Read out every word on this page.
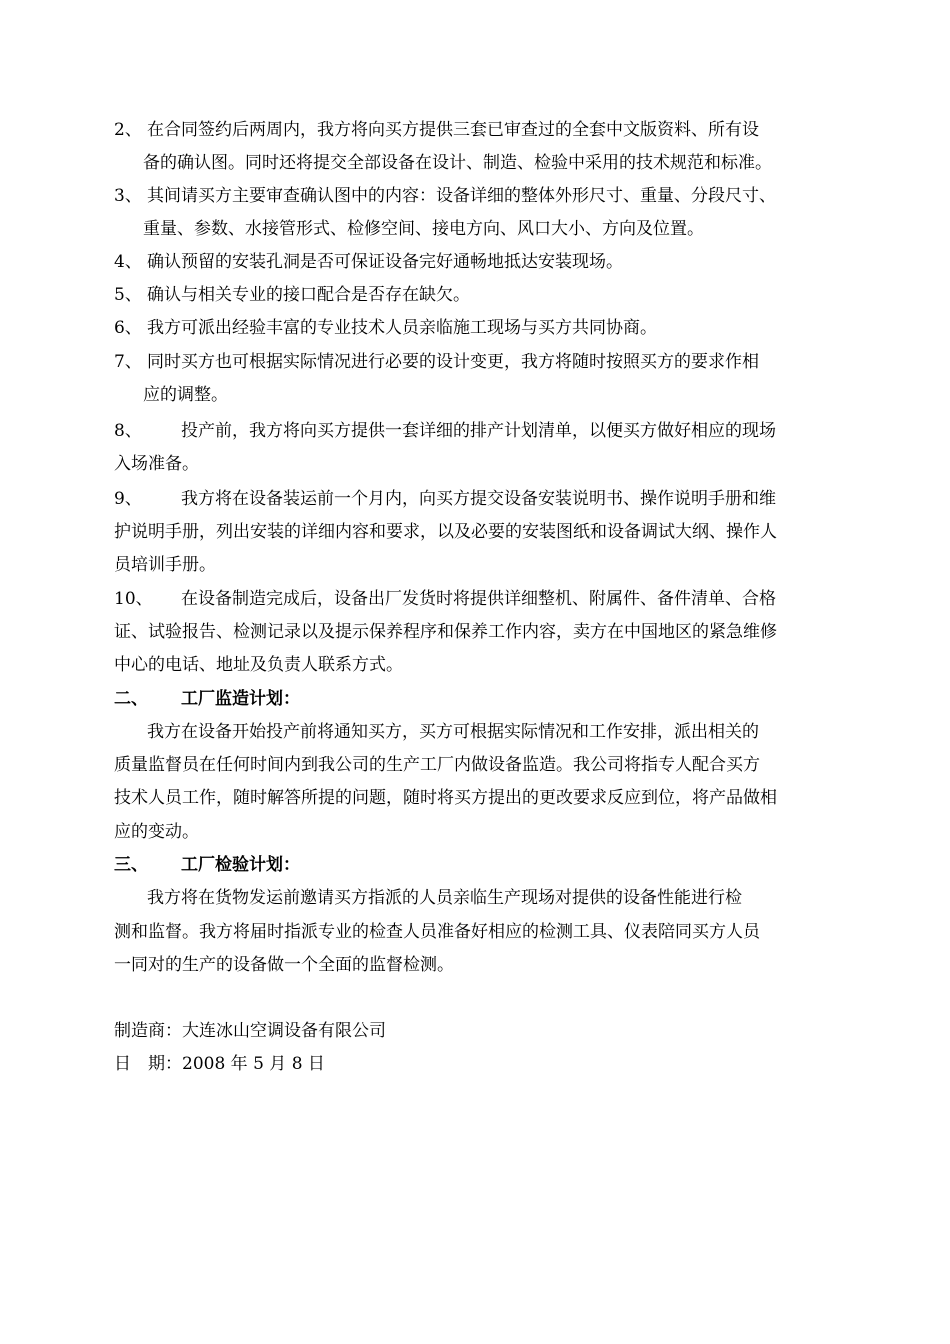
2、 在合同签约后两周内，我方将向买方提供三套已审查过的全套中文版资料、所有设
备的确认图。同时还将提交全部设备在设计、制造、检验中采用的技术规范和标准。
3、 其间请买方主要审查确认图中的内容：设备详细的整体外形尺寸、重量、分段尺寸、
重量、参数、水接管形式、检修空间、接电方向、风口大小、方向及位置。
4、 确认预留的安装孔洞是否可保证设备完好通畅地抵达安装现场。
5、 确认与相关专业的接口配合是否存在缺欠。
6、 我方可派出经验丰富的专业技术人员亲临施工现场与买方共同协商。
7、 同时买方也可根据实际情况进行必要的设计变更，我方将随时按照买方的要求作相
应的调整。
8、 投产前，我方将向买方提供一套详细的排产计划清单，以便买方做好相应的现场
入场准备。
9、 我方将在设备装运前一个月内，向买方提交设备安装说明书、操作说明手册和维
护说明手册，列出安装的详细内容和要求，以及必要的安装图纸和设备调试大纲、操作人
员培训手册。
10、 在设备制造完成后，设备出厂发货时将提供详细整机、附属件、备件清单、合格
证、试验报告、检测记录以及提示保养程序和保养工作内容，卖方在中国地区的紧急维修
中心的电话、地址及负责人联系方式。
二、 工厂监造计划：
我方在设备开始投产前将通知买方，买方可根据实际情况和工作安排，派出相关的
质量监督员在任何时间内到我公司的生产工厂内做设备监造。我公司将指专人配合买方
技术人员工作，随时解答所提的问题，随时将买方提出的更改要求反应到位，将产品做相
应的变动。
三、 工厂检验计划：
我方将在货物发运前邀请买方指派的人员亲临生产现场对提供的设备性能进行检
测和监督。我方将届时指派专业的检查人员准备好相应的检测工具、仪表陪同买方人员
一同对的生产的设备做一个全面的监督检测。
制造商：大连冰山空调设备有限公司
日　期：2008 年 5 月 8 日
